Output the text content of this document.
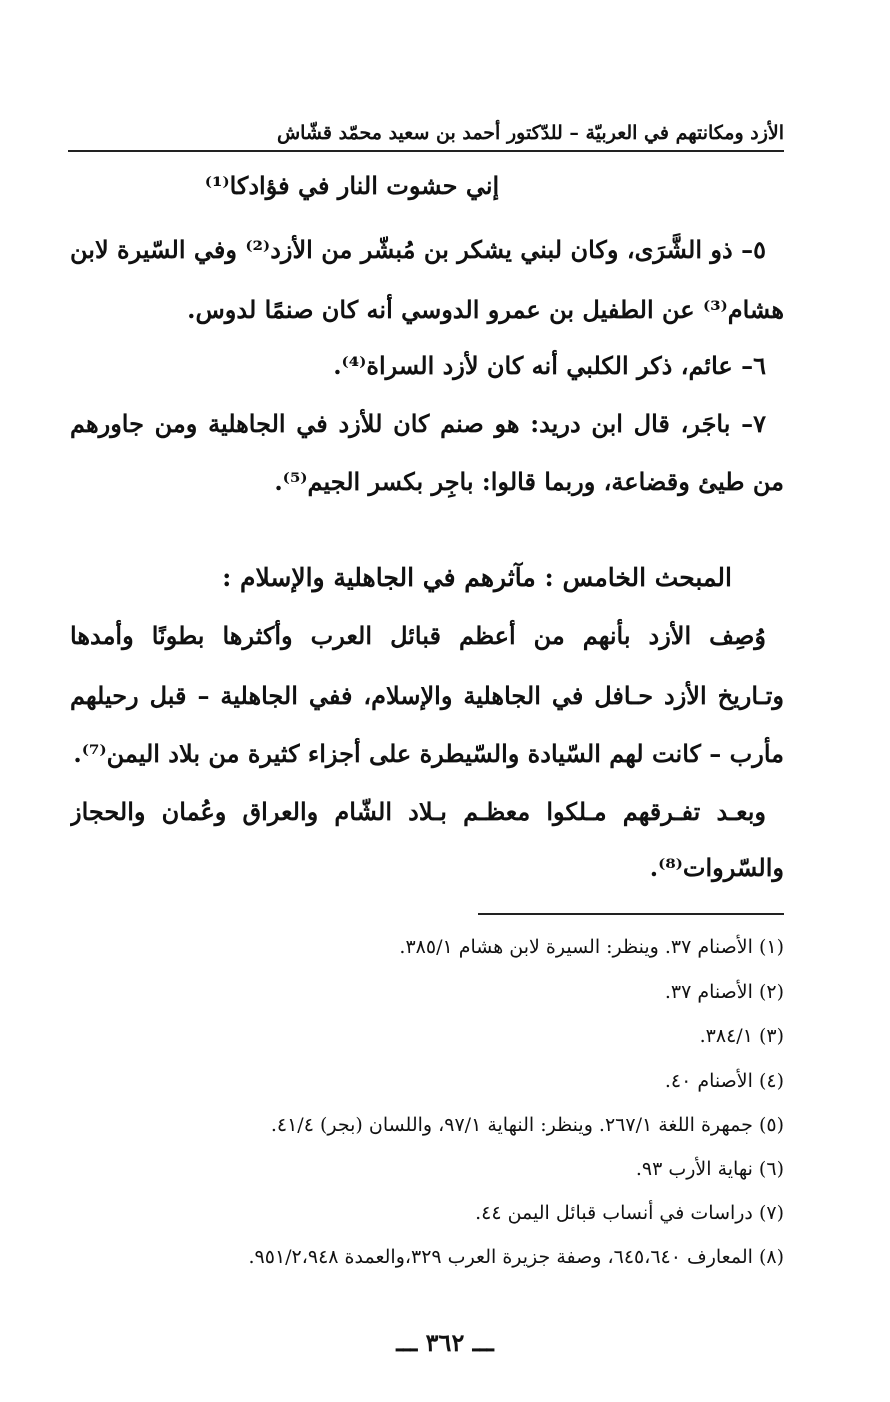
الأزد ومكانتهم في العربيّة – للدّكتور أحمد بن سعيد محمّد قشّاش
إني حشوت النار في فؤادكا⁽¹⁾
٥– ذو الشَّرَى، وكان لبني يشكر بن مُبشّر من الأزد⁽²⁾ وفي السّيرة لابن
هشام⁽³⁾ عن الطفيل بن عمرو الدوسي أنه كان صنمًا لدوس.
٦– عائم، ذكر الكلبي أنه كان لأزد السراة⁽⁴⁾.
٧– باجَر، قال ابن دريد: هو صنم كان للأزد في الجاهلية ومن جاورهم
من طيئ وقضاعة، وربما قالوا: باجِر بكسر الجيم⁽⁵⁾.
المبحث الخامس : مآثرهم في الجاهلية والإسلام :
وُصِف الأزد بأنهم من أعظم قبائل العرب وأكثرها بطونًا وأمدها
وتـاريخ الأزد حـافل في الجاهلية والإسلام، ففي الجاهلية – قبل رحيلهم
مأرب – كانت لهم السّيادة والسّيطرة على أجزاء كثيرة من بلاد اليمن⁽⁷⁾.
وبعـد تفـرقهم مـلكوا معظـم بـلاد الشّام والعراق وعُمان والحجاز
والسّروات⁽⁸⁾.
(١) الأصنام ٣٧. وينظر: السيرة لابن هشام ٣٨٥/١.
(٢) الأصنام ٣٧.
(٣) ٣٨٤/١.
(٤) الأصنام ٤٠.
(٥) جمهرة اللغة ٢٦٧/١. وينظر: النهاية ٩٧/١، واللسان (بجر) ٤١/٤.
(٦) نهاية الأرب ٩٣.
(٧) دراسات في أنساب قبائل اليمن ٤٤.
(٨) المعارف ٦٤٥،٦٤٠، وصفة جزيرة العرب ٣٢٩،والعمدة ٩٥١/٢،٩٤٨.
ـــ ٣٦٢ ـــ
